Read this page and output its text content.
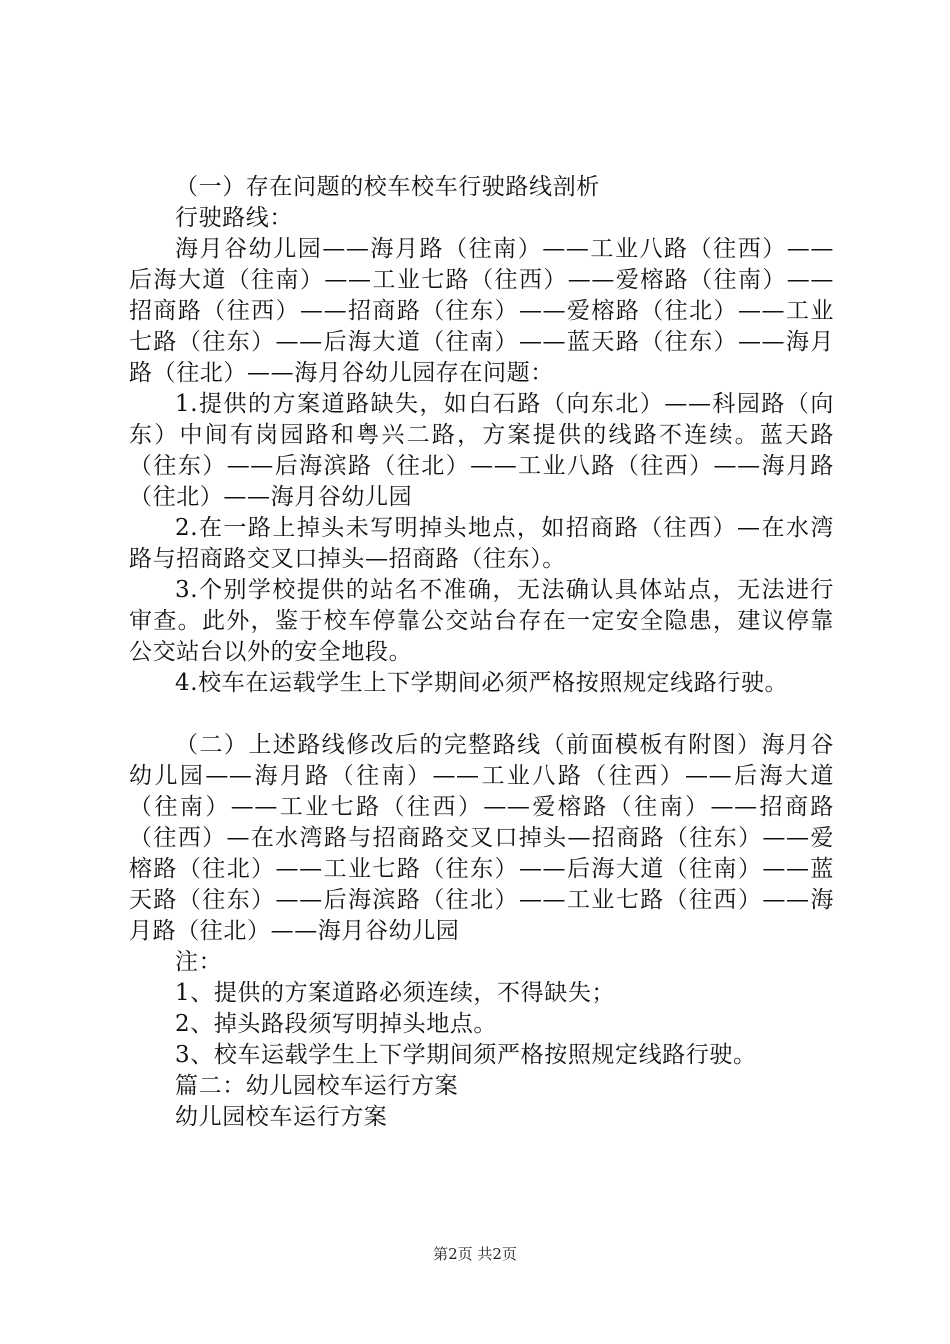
（一）存在问题的校车校车行驶路线剖析

行驶路线：

海月谷幼儿园——海月路（往南）——工业八路（往西）——后海大道（往南）——工业七路（往西）——爱榕路（往南）——招商路（往西）——招商路（往东）——爱榕路（往北）——工业七路（往东）——后海大道（往南）——蓝天路（往东）——海月路（往北）——海月谷幼儿园存在问题：

1.提供的方案道路缺失，如白石路（向东北）——科园路（向东）中间有岗园路和粤兴二路，方案提供的线路不连续。蓝天路（往东）——后海滨路（往北）——工业八路（往西）——海月路（往北）——海月谷幼儿园

2.在一路上掉头未写明掉头地点，如招商路（往西）—在水湾路与招商路交叉口掉头—招商路（往东）。

3.个别学校提供的站名不准确，无法确认具体站点，无法进行审查。此外，鉴于校车停靠公交站台存在一定安全隐患，建议停靠公交站台以外的安全地段。

4.校车在运载学生上下学期间必须严格按照规定线路行驶。

（二）上述路线修改后的完整路线（前面模板有附图）海月谷幼儿园——海月路（往南）——工业八路（往西）——后海大道（往南）——工业七路（往西）——爱榕路（往南）——招商路（往西）—在水湾路与招商路交叉口掉头—招商路（往东）——爱榕路（往北）——工业七路（往东）——后海大道（往南）——蓝天路（往东）——后海滨路（往北）——工业七路（往西）——海月路（往北）——海月谷幼儿园

注：

1、提供的方案道路必须连续，不得缺失；

2、掉头路段须写明掉头地点。

3、校车运载学生上下学期间须严格按照规定线路行驶。

篇二：幼儿园校车运行方案

幼儿园校车运行方案

第2页 共2页
